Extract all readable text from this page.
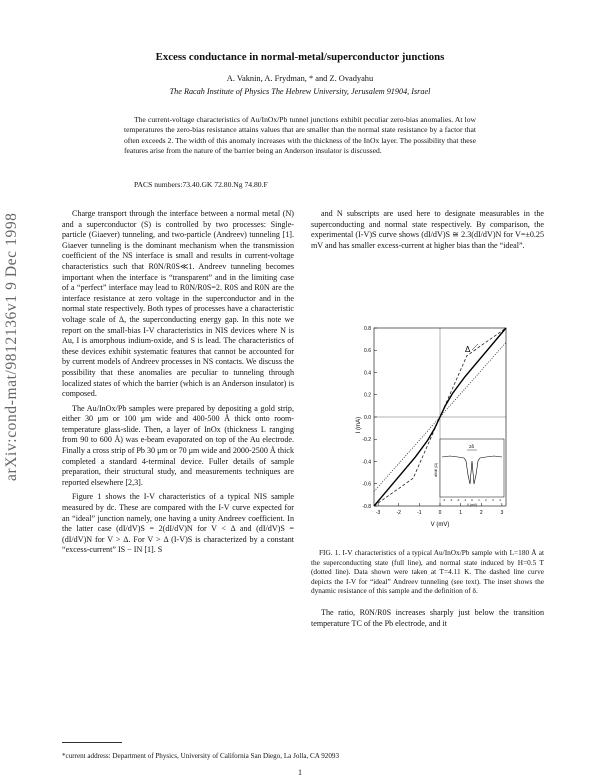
arXiv:cond-mat/9812136v1 9 Dec 1998
Excess conductance in normal-metal/superconductor junctions
A. Vaknin, A. Frydman, * and Z. Ovadyahu
The Racah Institute of Physics The Hebrew University, Jerusalem 91904, Israel
The current-voltage characteristics of Au/InOx/Pb tunnel junctions exhibit peculiar zero-bias anomalies. At low temperatures the zero-bias resistance attains values that are smaller than the normal state resistance by a factor that often exceeds 2. The width of this anomaly increases with the thickness of the InOx layer. The possibility that these features arise from the nature of the barrier being an Anderson insulator is discussed.
PACS numbers:73.40.GK 72.80.Ng 74.80.F

Charge transport through the interface between a normal metal (N) and a superconductor (S) is controlled by two processes: Single-particle (Giaever) tunneling, and two-particle (Andreev) tunneling [1]. Giaever tunneling is the dominant mechanism when the transmission coefficient of the NS interface is small and results in current-voltage characteristics such that R0N/R0S≪1. Andreev tunneling becomes important when the interface is “transparent” and in the limiting case of a “perfect” interface may lead to R0N/R0S=2. R0S and R0N are the interface resistance at zero voltage in the superconductor and in the normal state respectively. Both types of processes have a characteristic voltage scale of Δ, the superconducting energy gap. In this note we report on the small-bias I-V characteristics in NIS devices where N is Au, I is amorphous indium-oxide, and S is lead. The characteristics of these devices exhibit systematic features that cannot be accounted for by current models of Andreev processes in NS contacts. We discuss the possibility that these anomalies are peculiar to tunneling through localized states of which the barrier (which is an Anderson insulator) is composed.

The Au/InOx/Pb samples were prepared by depositing a gold strip, either 30 μm or 100 μm wide and 400-500 Å thick onto room-temperature glass-slide. Then, a layer of InOx (thickness L ranging from 90 to 600 Å) was e-beam evaporated on top of the Au electrode. Finally a cross strip of Pb 30 μm or 70 μm wide and 2000-2500 Å thick completed a standard 4-terminal device. Fuller details of sample preparation, their structural study, and measurements techniques are reported elsewhere [2,3].

Figure 1 shows the I-V characteristics of a typical NIS sample measured by dc. These are compared with the I-V curve expected for an “ideal” junction namely, one having a unity Andreev coefficient. In the latter case (dI/dV)S = 2(dI/dV)N for V < Δ and (dI/dV)S = (dI/dV)N for V > Δ. For V > Δ (I-V)S is characterized by a constant “excess-current” IS − IN [1]. S

and N subscripts are used here to designate measurables in the superconducting and normal state respectively. By comparison, the experimental (I-V)S curve shows (dI/dV)S ≅ 2.3(dI/dV)N for V=±0.25 mV and has smaller excess-current at higher bias than the “ideal”.

0.8
0.6
0.4
0.2
0.0
-0.2
-0.4
-0.6
-0.8
-3	-2	-1	0	1	2	3
Δ
I (mA)
V (mV)
2δ
dV/dI (Ω)
-4 -3 -2 -1 0 1 2 3 4
V (mV)
FIG. 1. I-V characteristics of a typical Au/InOx/Pb sample with L=180 Å at the superconducting state (full line), and normal state induced by H=0.5 T (dotted line). Data shown were taken at T=4.11 K. The dashed line curve depicts the I-V for “ideal” Andreev tunneling (see text). The inset shows the dynamic resistance of this sample and the definition of δ.
The ratio, R0N/R0S increases sharply just below the transition temperature TC of the Pb electrode, and it
*current address: Department of Physics, University of California San Diego, La Jolla, CA 92093
1
